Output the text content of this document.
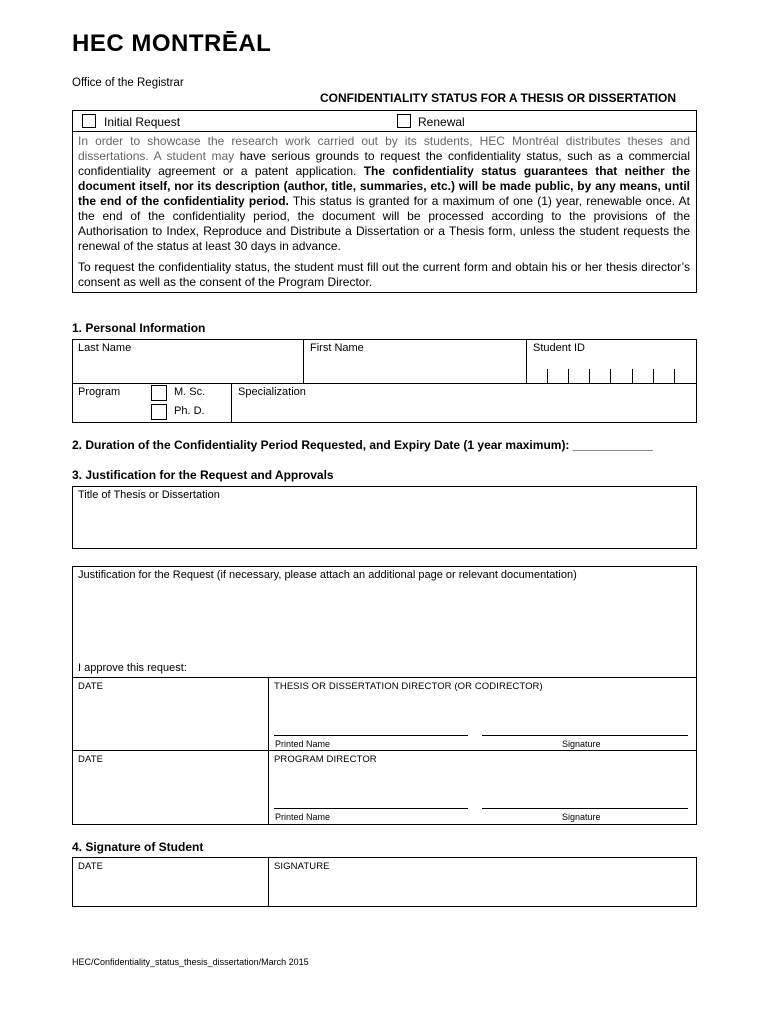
HEC MONTRĒAL
Office of the Registrar
CONFIDENTIALITY STATUS FOR A THESIS OR DISSERTATION
Initial Request	Renewal
In order to showcase the research work carried out by its students, HEC Montréal distributes theses and dissertations. A student may have serious grounds to request the confidentiality status, such as a commercial confidentiality agreement or a patent application. The confidentiality status guarantees that neither the document itself, nor its description (author, title, summaries, etc.) will be made public, by any means, until the end of the confidentiality period. This status is granted for a maximum of one (1) year, renewable once. At the end of the confidentiality period, the document will be processed according to the provisions of the Authorisation to Index, Reproduce and Distribute a Dissertation or a Thesis form, unless the student requests the renewal of the status at least 30 days in advance.
To request the confidentiality status, the student must fill out the current form and obtain his or her thesis director’s consent as well as the consent of the Program Director.
1. Personal Information
Last Name	First Name	Student ID
Program	M. Sc.
Ph. D.
Specialization
2. Duration of the Confidentiality Period Requested, and Expiry Date (1 year maximum): ____________
3. Justification for the Request and Approvals
Title of Thesis or Dissertation
Justification for the Request (if necessary, please attach an additional page or relevant documentation)
I approve this request:
DATE	THESIS OR DISSERTATION DIRECTOR (OR CODIRECTOR)
Printed Name	Signature
DATE	PROGRAM DIRECTOR
Printed Name	Signature
4. Signature of Student
DATE	SIGNATURE
HEC/Confidentiality_status_thesis_dissertation/March 2015
